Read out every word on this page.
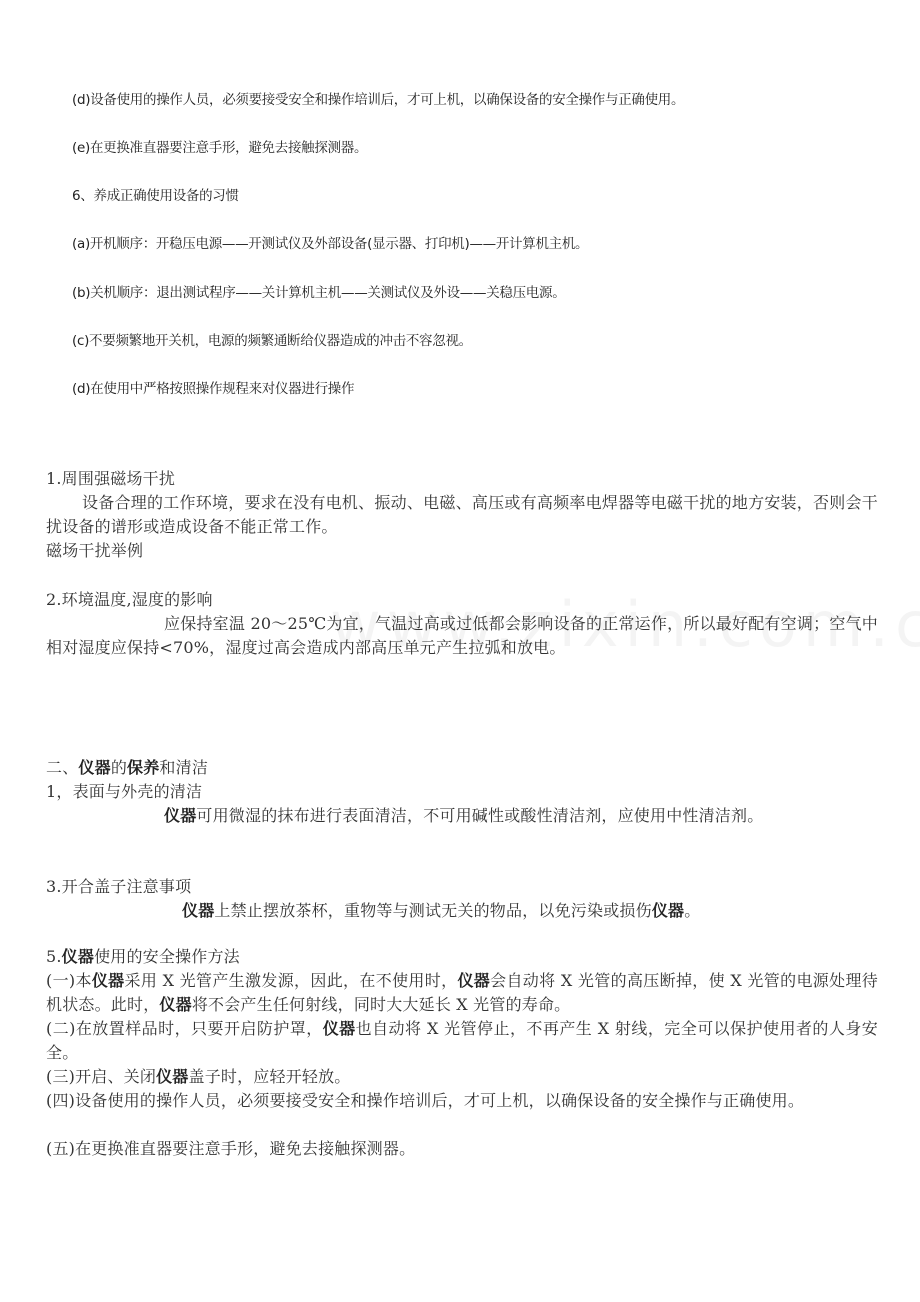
(d)设备使用的操作人员，必须要接受安全和操作培训后，才可上机，以确保设备的安全操作与正确使用。
(e)在更换准直器要注意手形，避免去接触探测器。
6、养成正确使用设备的习惯
(a)开机顺序：开稳压电源——开测试仪及外部设备(显示器、打印机)——开计算机主机。
(b)关机顺序：退出测试程序——关计算机主机——关测试仪及外设——关稳压电源。
(c)不要频繁地开关机，电源的频繁通断给仪器造成的冲击不容忽视。
(d)在使用中严格按照操作规程来对仪器进行操作
1.周围强磁场干扰
设备合理的工作环境，要求在没有电机、振动、电磁、高压或有高频率电焊器等电磁干扰的地方安装，否则会干扰设备的谱形或造成设备不能正常工作。
磁场干扰举例
2.环境温度,湿度的影响
应保持室温 20～25℃为宜，气温过高或过低都会影响设备的正常运作，所以最好配有空调；空气中相对湿度应保持<70%，湿度过高会造成内部高压单元产生拉弧和放电。
二、仪器的保养和清洁
1，表面与外壳的清洁
仪器可用微湿的抹布进行表面清洁，不可用碱性或酸性清洁剂，应使用中性清洁剂。
3.开合盖子注意事项
仪器上禁止摆放茶杯，重物等与测试无关的物品，以免污染或损伤仪器。
5.仪器使用的安全操作方法
(一)本仪器采用 X 光管产生激发源，因此，在不使用时，仪器会自动将 X 光管的高压断掉，使 X 光管的电源处理待机状态。此时，仪器将不会产生任何射线，同时大大延长 X 光管的寿命。
(二)在放置样品时，只要开启防护罩，仪器也自动将 X 光管停止，不再产生 X 射线，完全可以保护使用者的人身安全。
(三)开启、关闭仪器盖子时，应轻开轻放。
(四)设备使用的操作人员，必须要接受安全和操作培训后，才可上机，以确保设备的安全操作与正确使用。
(五)在更换准直器要注意手形，避免去接触探测器。
